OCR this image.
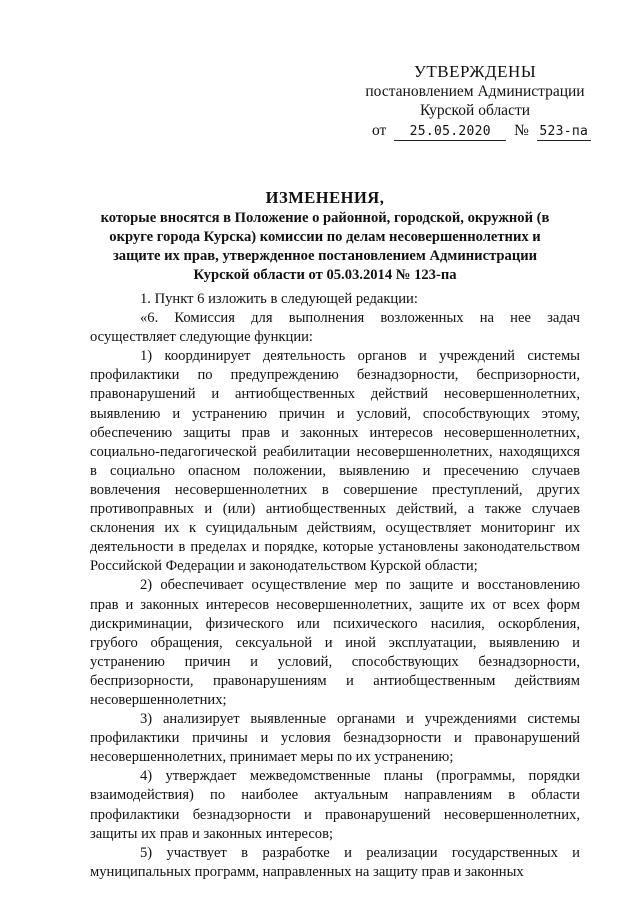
УТВЕРЖДЕНЫ
постановлением Администрации
Курской области
от 25.05.2020 № 523-па
ИЗМЕНЕНИЯ,
которые вносятся в Положение о районной, городской, окружной (в округе города Курска) комиссии по делам несовершеннолетних и защите их прав, утвержденное постановлением Администрации Курской области от 05.03.2014 № 123-па

1. Пункт 6 изложить в следующей редакции:

«6. Комиссия для выполнения возложенных на нее задач осуществляет следующие функции:

1) координирует деятельность органов и учреждений системы профилактики по предупреждению безнадзорности, беспризорности, правонарушений и антиобщественных действий несовершеннолетних, выявлению и устранению причин и условий, способствующих этому, обеспечению защиты прав и законных интересов несовершеннолетних, социально-педагогической реабилитации несовершеннолетних, находящихся в социально опасном положении, выявлению и пресечению случаев вовлечения несовершеннолетних в совершение преступлений, других противоправных и (или) антиобщественных действий, а также случаев склонения их к суицидальным действиям, осуществляет мониторинг их деятельности в пределах и порядке, которые установлены законодательством Российской Федерации и законодательством Курской области;

2) обеспечивает осуществление мер по защите и восстановлению прав и законных интересов несовершеннолетних, защите их от всех форм дискриминации, физического или психического насилия, оскорбления, грубого обращения, сексуальной и иной эксплуатации, выявлению и устранению причин и условий, способствующих безнадзорности, беспризорности, правонарушениям и антиобщественным действиям несовершеннолетних;

3) анализирует выявленные органами и учреждениями системы профилактики причины и условия безнадзорности и правонарушений несовершеннолетних, принимает меры по их устранению;

4) утверждает межведомственные планы (программы, порядки взаимодействия) по наиболее актуальным направлениям в области профилактики безнадзорности и правонарушений несовершеннолетних, защиты их прав и законных интересов;

5) участвует в разработке и реализации государственных и муниципальных программ, направленных на защиту прав и законных
